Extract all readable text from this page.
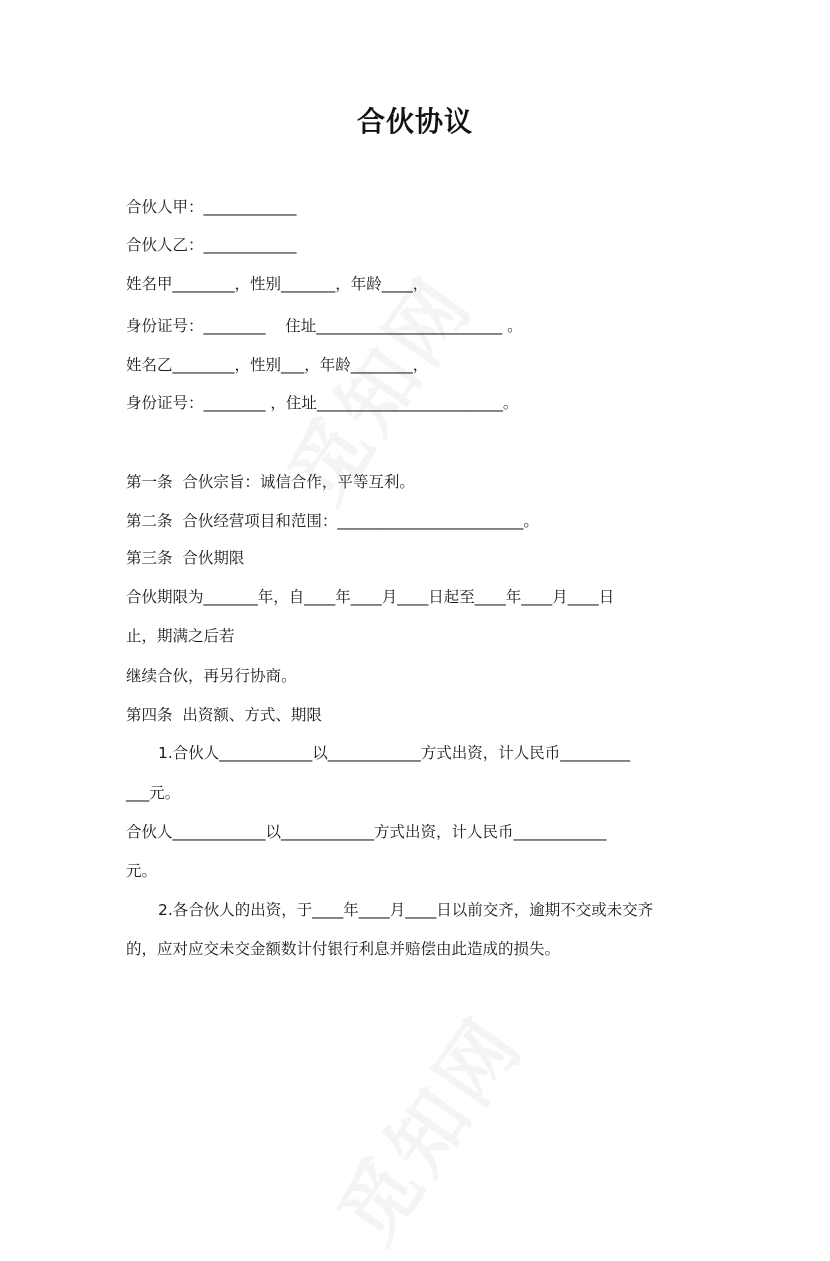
合伙协议
合伙人甲：____________
合伙人乙：____________
姓名甲________，性别_______，年龄____，
身份证号：________    住址________________________ 。
姓名乙________，性别___，年龄________，
身份证号：________ ，住址________________________。
第一条  合伙宗旨：诚信合作，平等互利。
第二条  合伙经营项目和范围：________________________。
第三条  合伙期限
合伙期限为_______年，自____年____月____日起至____年____月____日
止，期满之后若
继续合伙，再另行协商。
第四条  出资额、方式、期限
1.合伙人____________以____________方式出资，计人民币_________
___元。
合伙人____________以____________方式出资，计人民币____________
元。
2.各合伙人的出资，于____年____月____日以前交齐，逾期不交或未交齐
的，应对应交未交金额数计付银行利息并赔偿由此造成的损失。
